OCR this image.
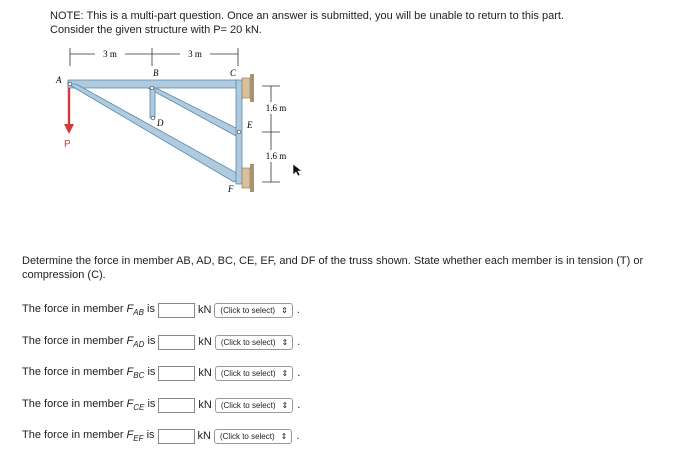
NOTE: This is a multi-part question. Once an answer is submitted, you will be unable to return to this part.
Consider the given structure with P= 20 kN.
3 m	3 m
1.6 m
1.6 m
A
B	C
D	E
F
P
Determine the force in member AB, AD, BC, CE, EF, and DF of the truss shown. State whether each member is in tension (T) or compression (C).
The force in member $F_{AB}$ is	kN (Click to select) ⇕ .
The force in member $F_{AD}$ is	kN (Click to select) ⇕ .
The force in member $F_{BC}$ is	kN (Click to select) ⇕ .
The force in member $F_{CE}$ is	kN (Click to select) ⇕ .
The force in member $F_{EF}$ is	kN (Click to select) ⇕ .
